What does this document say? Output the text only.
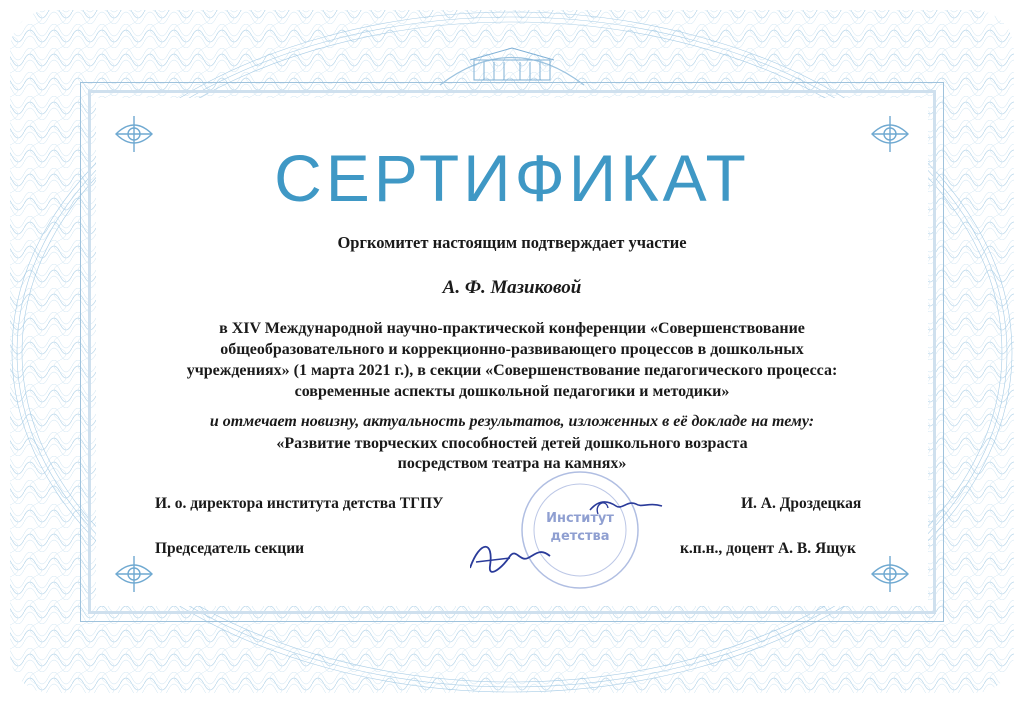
СЕРТИФИКАТ
Оргкомитет настоящим подтверждает участие
А. Ф. Мазиковой
в XIV Международной научно-практической конференции «Совершенствование
общеобразовательного и коррекционно-развивающего процессов в дошкольных
учреждениях» (1 марта 2021 г.), в секции «Совершенствование педагогического процесса:
современные аспекты дошкольной педагогики и методики»
и отмечает новизну, актуальность результатов, изложенных в её докладе на тему:
«Развитие творческих способностей детей дошкольного возраста
посредством театра на камнях»
Институт
детства
И. о. директора института детства ТГПУ	И. А. Дроздецкая
Председатель секции	к.п.н., доцент А. В. Ящук
